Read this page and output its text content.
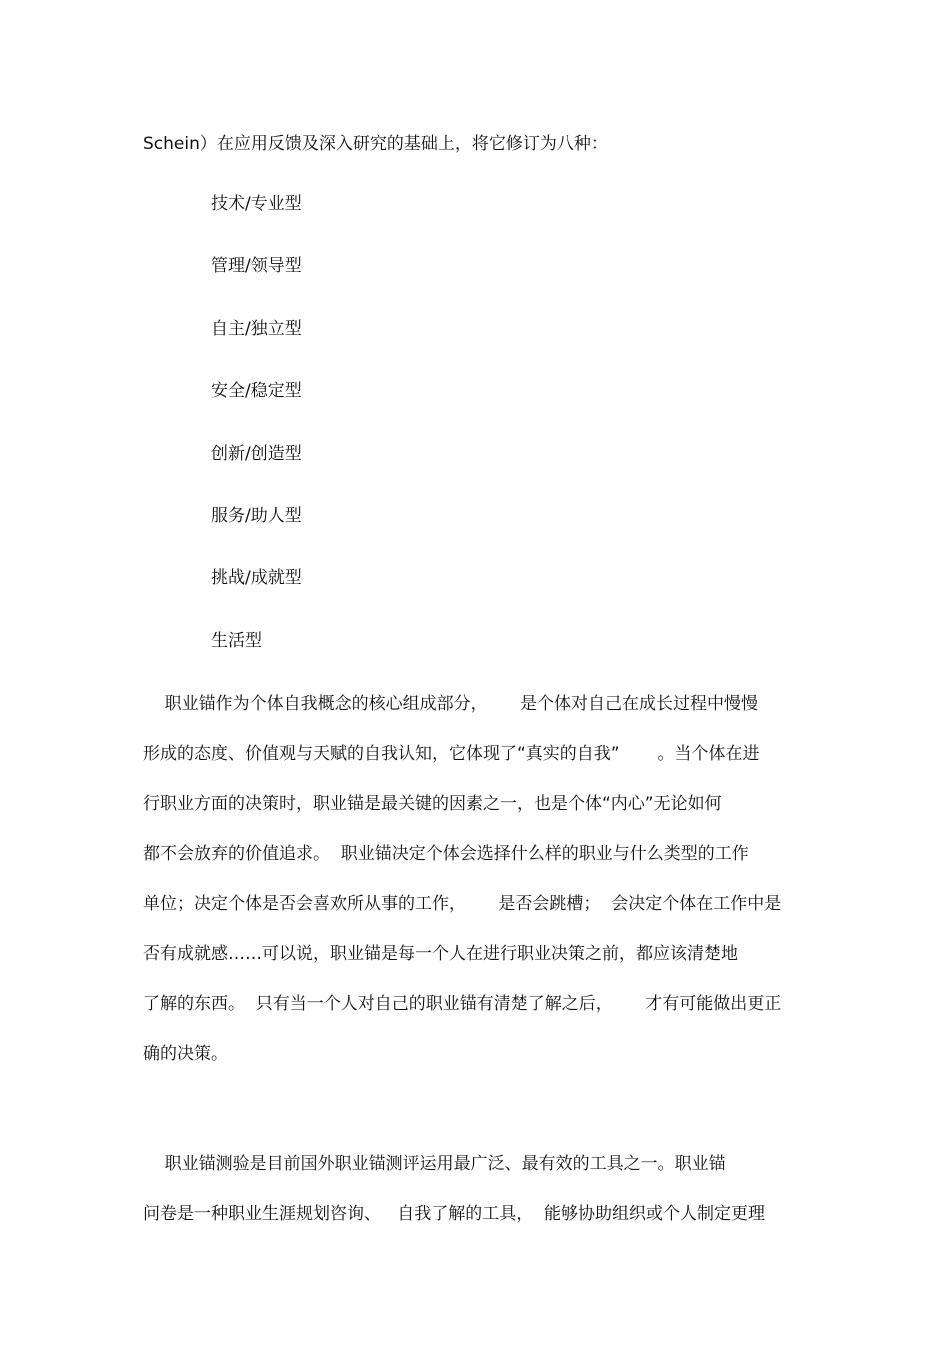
Schein）在应用反馈及深入研究的基础上，将它修订为八种：
技术/专业型
管理/领导型
自主/独立型
安全/稳定型
创新/创造型
服务/助人型
挑战/成就型
生活型
职业锚作为个体自我概念的核心组成部分，      是个体对自己在成长过程中慢慢
形成的态度、价值观与天赋的自我认知，它体现了“真实的自我”       。当个体在进
行职业方面的决策时，职业锚是最关键的因素之一，也是个体“内心”无论如何
都不会放弃的价值追求。  职业锚决定个体会选择什么样的职业与什么类型的工作
单位；决定个体是否会喜欢所从事的工作，      是否会跳槽；  会决定个体在工作中是
否有成就感……可以说，职业锚是每一个人在进行职业决策之前，都应该清楚地
了解的东西。  只有当一个人对自己的职业锚有清楚了解之后，      才有可能做出更正
确的决策。
职业锚测验是目前国外职业锚测评运用最广泛、最有效的工具之一。职业锚
问卷是一种职业生涯规划咨询、   自我了解的工具，  能够协助组织或个人制定更理
